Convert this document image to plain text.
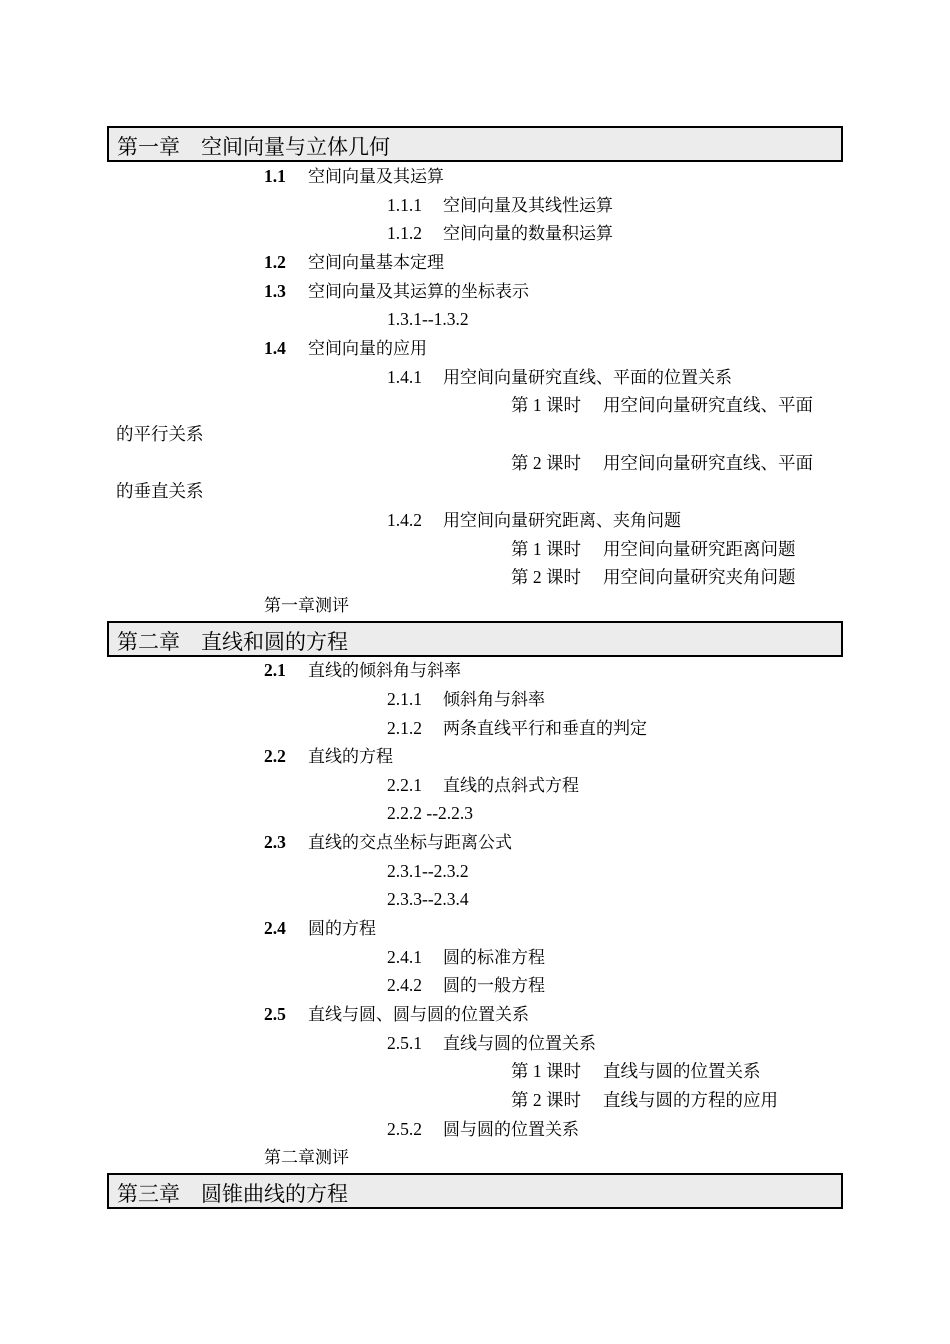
第一章　空间向量与立体几何
1.1 空间向量及其运算
1.1.1 空间向量及其线性运算
1.1.2 空间向量的数量积运算
1.2 空间向量基本定理
1.3 空间向量及其运算的坐标表示
1.3.1--1.3.2
1.4 空间向量的应用
1.4.1 用空间向量研究直线、平面的位置关系
第 1 课时 用空间向量研究直线、平面
的平行关系
第 2 课时 用空间向量研究直线、平面
的垂直关系
1.4.2 用空间向量研究距离、夹角问题
第 1 课时 用空间向量研究距离问题
第 2 课时 用空间向量研究夹角问题
第一章测评
第二章　直线和圆的方程
2.1 直线的倾斜角与斜率
2.1.1 倾斜角与斜率
2.1.2 两条直线平行和垂直的判定
2.2 直线的方程
2.2.1 直线的点斜式方程
2.2.2 --2.2.3
2.3 直线的交点坐标与距离公式
2.3.1--2.3.2
2.3.3--2.3.4
2.4 圆的方程
2.4.1 圆的标准方程
2.4.2 圆的一般方程
2.5 直线与圆、圆与圆的位置关系
2.5.1 直线与圆的位置关系
第 1 课时 直线与圆的位置关系
第 2 课时 直线与圆的方程的应用
2.5.2 圆与圆的位置关系
第二章测评
第三章　圆锥曲线的方程
